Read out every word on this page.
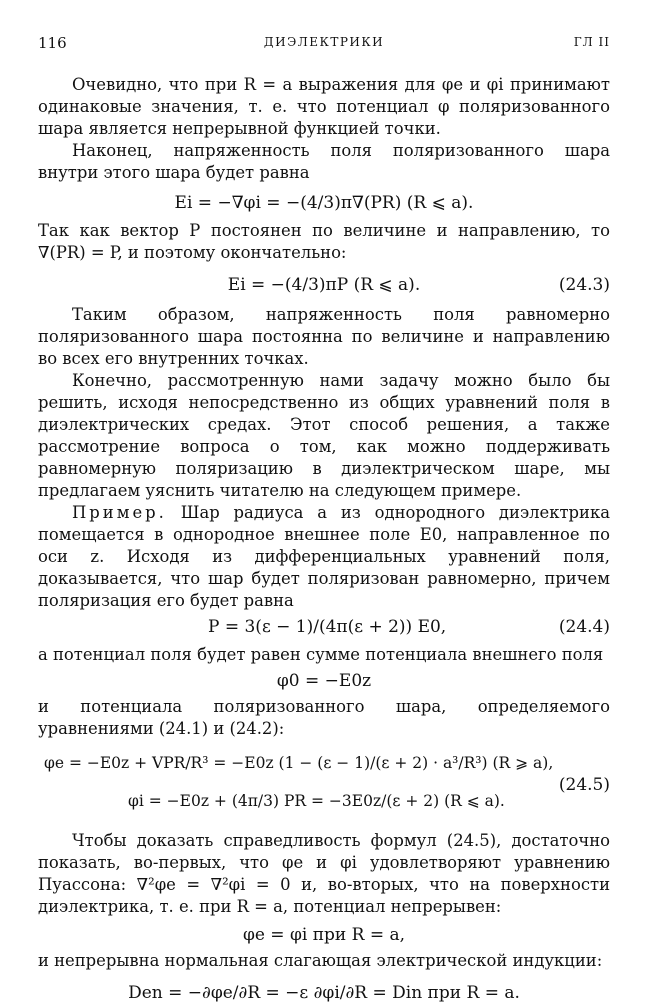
116	ДИЭЛЕКТРИКИ	ГЛ II

Очевидно, что при R = a выражения для φe и φi принимают одинаковые значения, т. е. что потенциал φ поляризованного шара является непрерывной функцией точки.

Наконец, напряженность поля поляризованного шара внутри этого шара будет равна

Ei = −∇φi = −(4/3)π∇(PR) (R ⩽ a).

Так как вектор P постоянен по величине и направлению, то ∇(PR) = P, и поэтому окончательно:

Ei = −(4/3)πP (R ⩽ a).	(24.3)

Таким образом, напряженность поля равномерно поляризованного шара постоянна по величине и направлению во всех его внутренних точках.

Конечно, рассмотренную нами задачу можно было бы решить, исходя непосредственно из общих уравнений поля в диэлектрических средах. Этот способ решения, а также рассмотрение вопроса о том, как можно поддерживать равномерную поляризацию в диэлектрическом шаре, мы предлагаем уяснить читателю на следующем примере.

Пример. Шар радиуса a из однородного диэлектрика помещается в однородное внешнее поле E0, направленное по оси z. Исходя из дифференциальных уравнений поля, доказывается, что шар будет поляризован равномерно, причем поляризация его будет равна

P = 3(ε − 1)/(4π(ε + 2)) E0,	(24.4)

а потенциал поля будет равен сумме потенциала внешнего поля

φ0 = −E0z

и потенциала поляризованного шара, определяемого уравнениями (24.1) и (24.2):

φe = −E0z + VPR/R³ = −E0z (1 − (ε − 1)/(ε + 2) · a³/R³) (R ⩾ a),
φi = −E0z + (4π/3) PR = −3E0z/(ε + 2) (R ⩽ a).
(24.5)

Чтобы доказать справедливость формул (24.5), достаточно показать, во-первых, что φe и φi удовлетворяют уравнению Пуассона: ∇²φe = ∇²φi = 0 и, во-вторых, что на поверхности диэлектрика, т. е. при R = a, потенциал непрерывен:

φe = φi при R = a,

и непрерывна нормальная слагающая электрической индукции:

Den = −∂φe/∂R = −ε ∂φi/∂R = Din при R = a.
